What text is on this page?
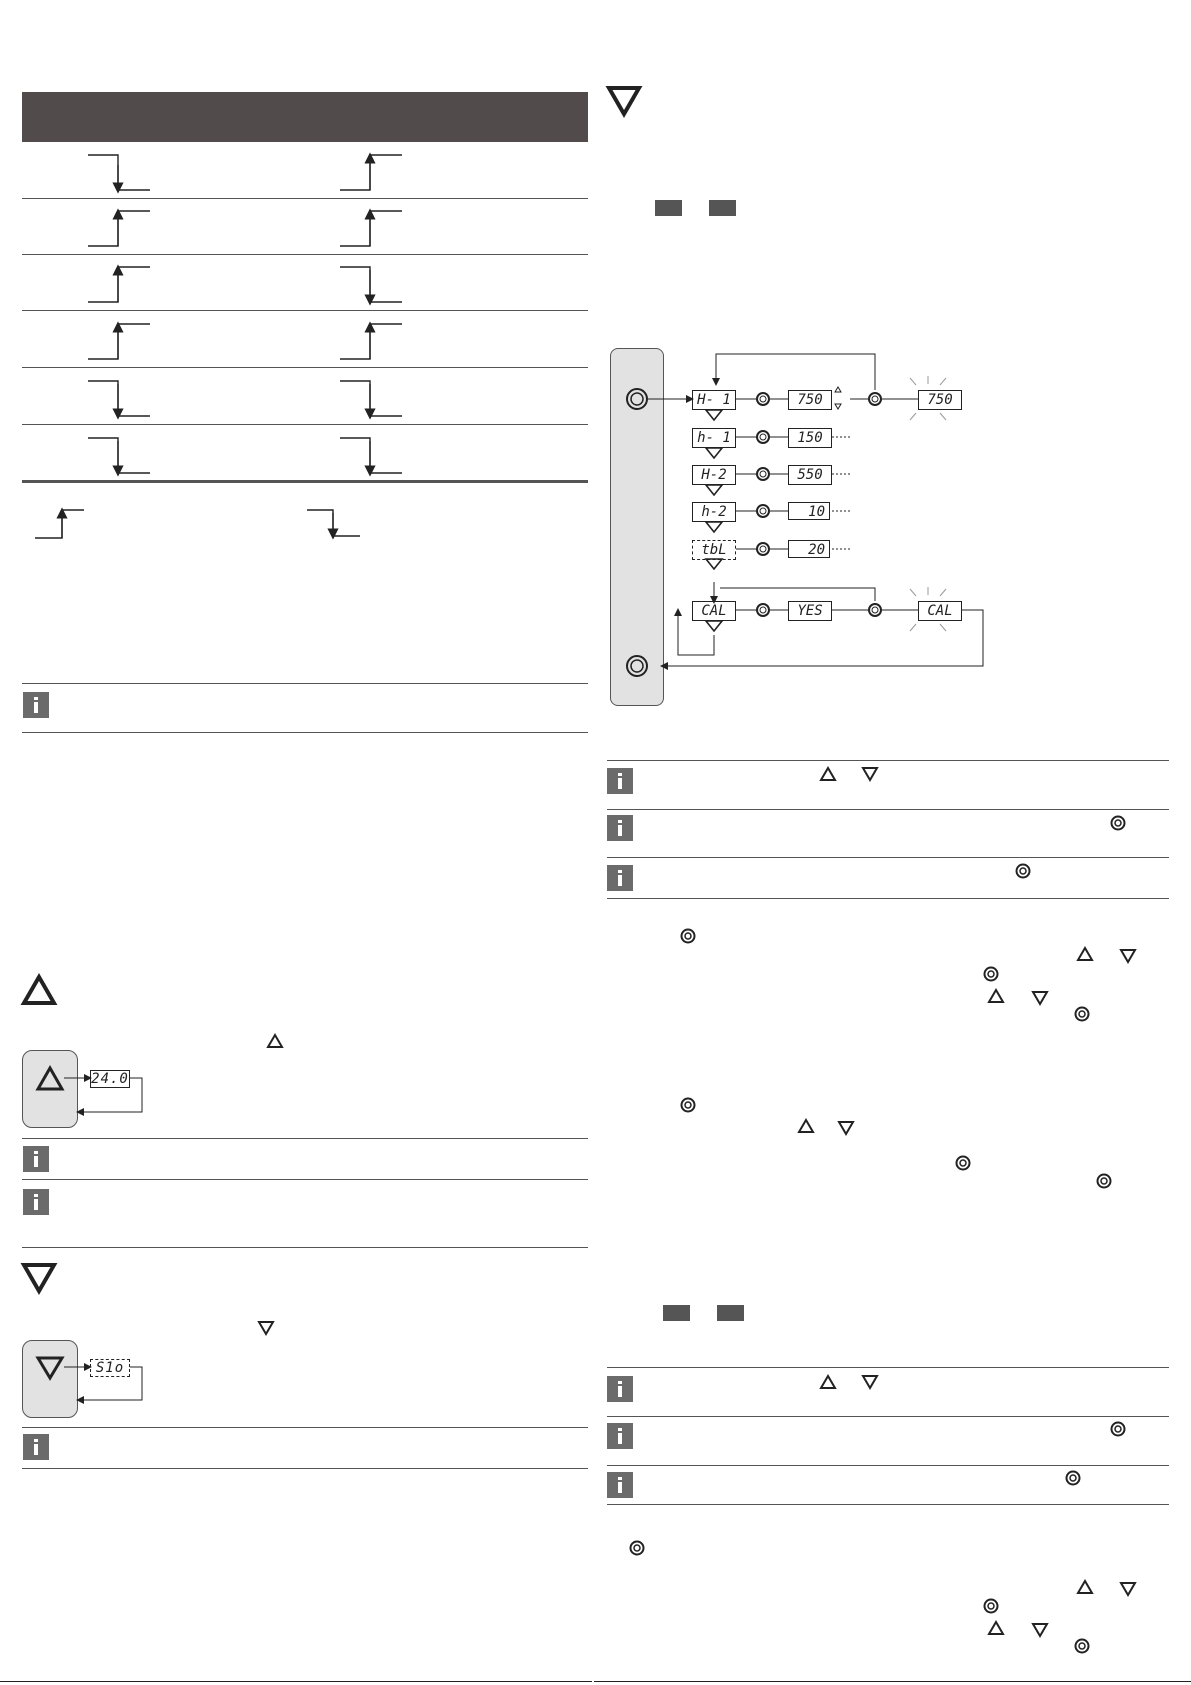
24.0
S1o
H- 1	750	750
h- 1	150
H-2	550
h-2	10
tbL	20
CAL	YES	CAL
